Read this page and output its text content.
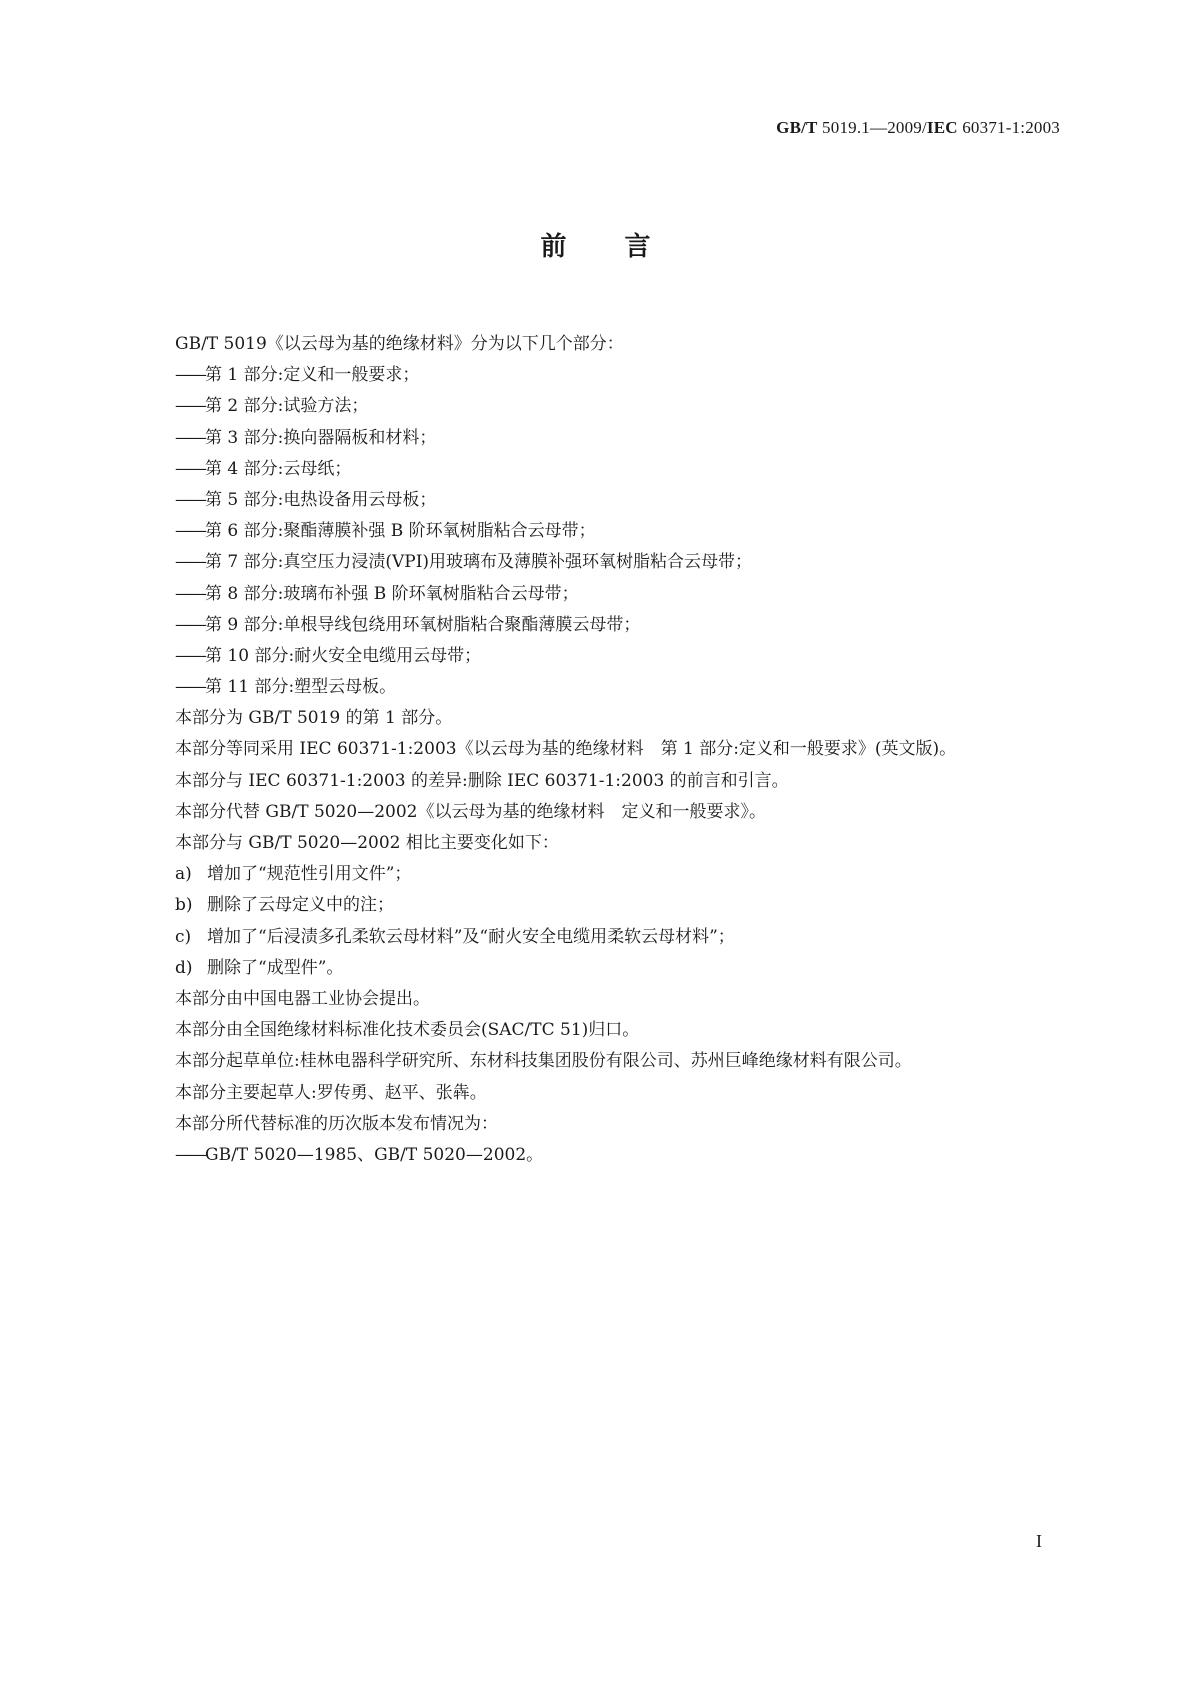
GB/T 5019.1—2009/IEC 60371-1:2003
前 言
GB/T 5019《以云母为基的绝缘材料》分为以下几个部分：
——第 1 部分:定义和一般要求；
——第 2 部分:试验方法；
——第 3 部分:换向器隔板和材料；
——第 4 部分:云母纸；
——第 5 部分:电热设备用云母板；
——第 6 部分:聚酯薄膜补强 B 阶环氧树脂粘合云母带；
——第 7 部分:真空压力浸渍(VPI)用玻璃布及薄膜补强环氧树脂粘合云母带；
——第 8 部分:玻璃布补强 B 阶环氧树脂粘合云母带；
——第 9 部分:单根导线包绕用环氧树脂粘合聚酯薄膜云母带；
——第 10 部分:耐火安全电缆用云母带；
——第 11 部分:塑型云母板。
本部分为 GB/T 5019 的第 1 部分。
本部分等同采用 IEC 60371-1:2003《以云母为基的绝缘材料　第 1 部分:定义和一般要求》(英文版)。
本部分与 IEC 60371-1:2003 的差异:删除 IEC 60371-1:2003 的前言和引言。
本部分代替 GB/T 5020—2002《以云母为基的绝缘材料　定义和一般要求》。
本部分与 GB/T 5020—2002 相比主要变化如下：
a) 增加了“规范性引用文件”；
b) 删除了云母定义中的注；
c) 增加了“后浸渍多孔柔软云母材料”及“耐火安全电缆用柔软云母材料”；
d) 删除了“成型件”。
本部分由中国电器工业协会提出。
本部分由全国绝缘材料标准化技术委员会(SAC/TC 51)归口。
本部分起草单位:桂林电器科学研究所、东材科技集团股份有限公司、苏州巨峰绝缘材料有限公司。
本部分主要起草人:罗传勇、赵平、张犇。
本部分所代替标准的历次版本发布情况为：
——GB/T 5020—1985、GB/T 5020—2002。
I
